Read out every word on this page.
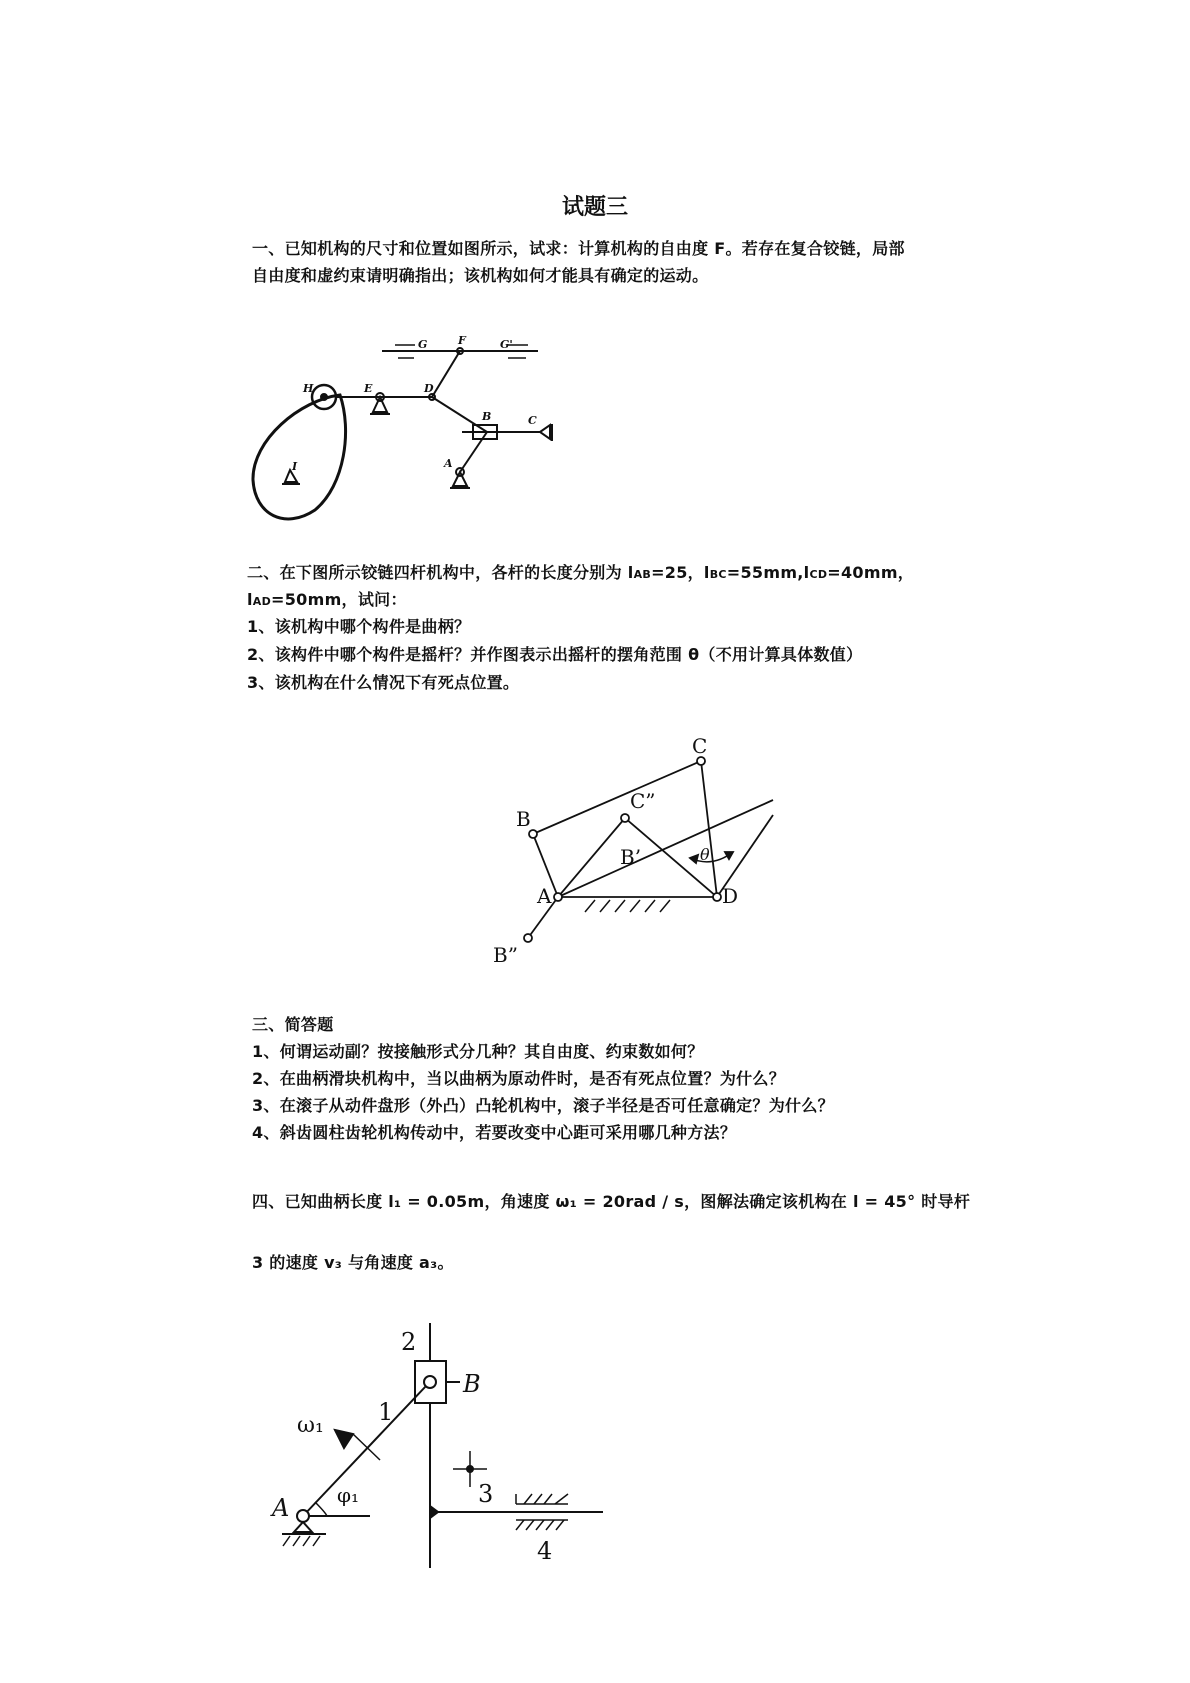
试题三
一、已知机构的尺寸和位置如图所示，试求：计算机构的自由度 F。若存在复合铰链，局部
自由度和虚约束请明确指出；该机构如何才能具有确定的运动。
二、在下图所示铰链四杆机构中，各杆的长度分别为 lAB=25，lBC=55mm,lCD=40mm，
lAD=50mm，试问：
1、该机构中哪个构件是曲柄？
2、该构件中哪个构件是摇杆？并作图表示出摇杆的摆角范围 θ（不用计算具体数值）
3、该机构在什么情况下有死点位置。
三、简答题
1、何谓运动副？按接触形式分几种？其自由度、约束数如何？
2、在曲柄滑块机构中，当以曲柄为原动件时，是否有死点位置？为什么？
3、在滚子从动件盘形（外凸）凸轮机构中，滚子半径是否可任意确定？为什么？
4、斜齿圆柱齿轮机构传动中，若要改变中心距可采用哪几种方法？
四、已知曲柄长度 l₁ = 0.05m，角速度 ω₁ = 20rad / s，图解法确定该机构在 l = 45° 时导杆
3 的速度 v₃ 与角速度 a₃。
G	F	G'
H	E	D
B	C
A
I
C
B
C”
B’
A	D
B”
θ
2
B
1
ω₁
φ₁
A	3
4
